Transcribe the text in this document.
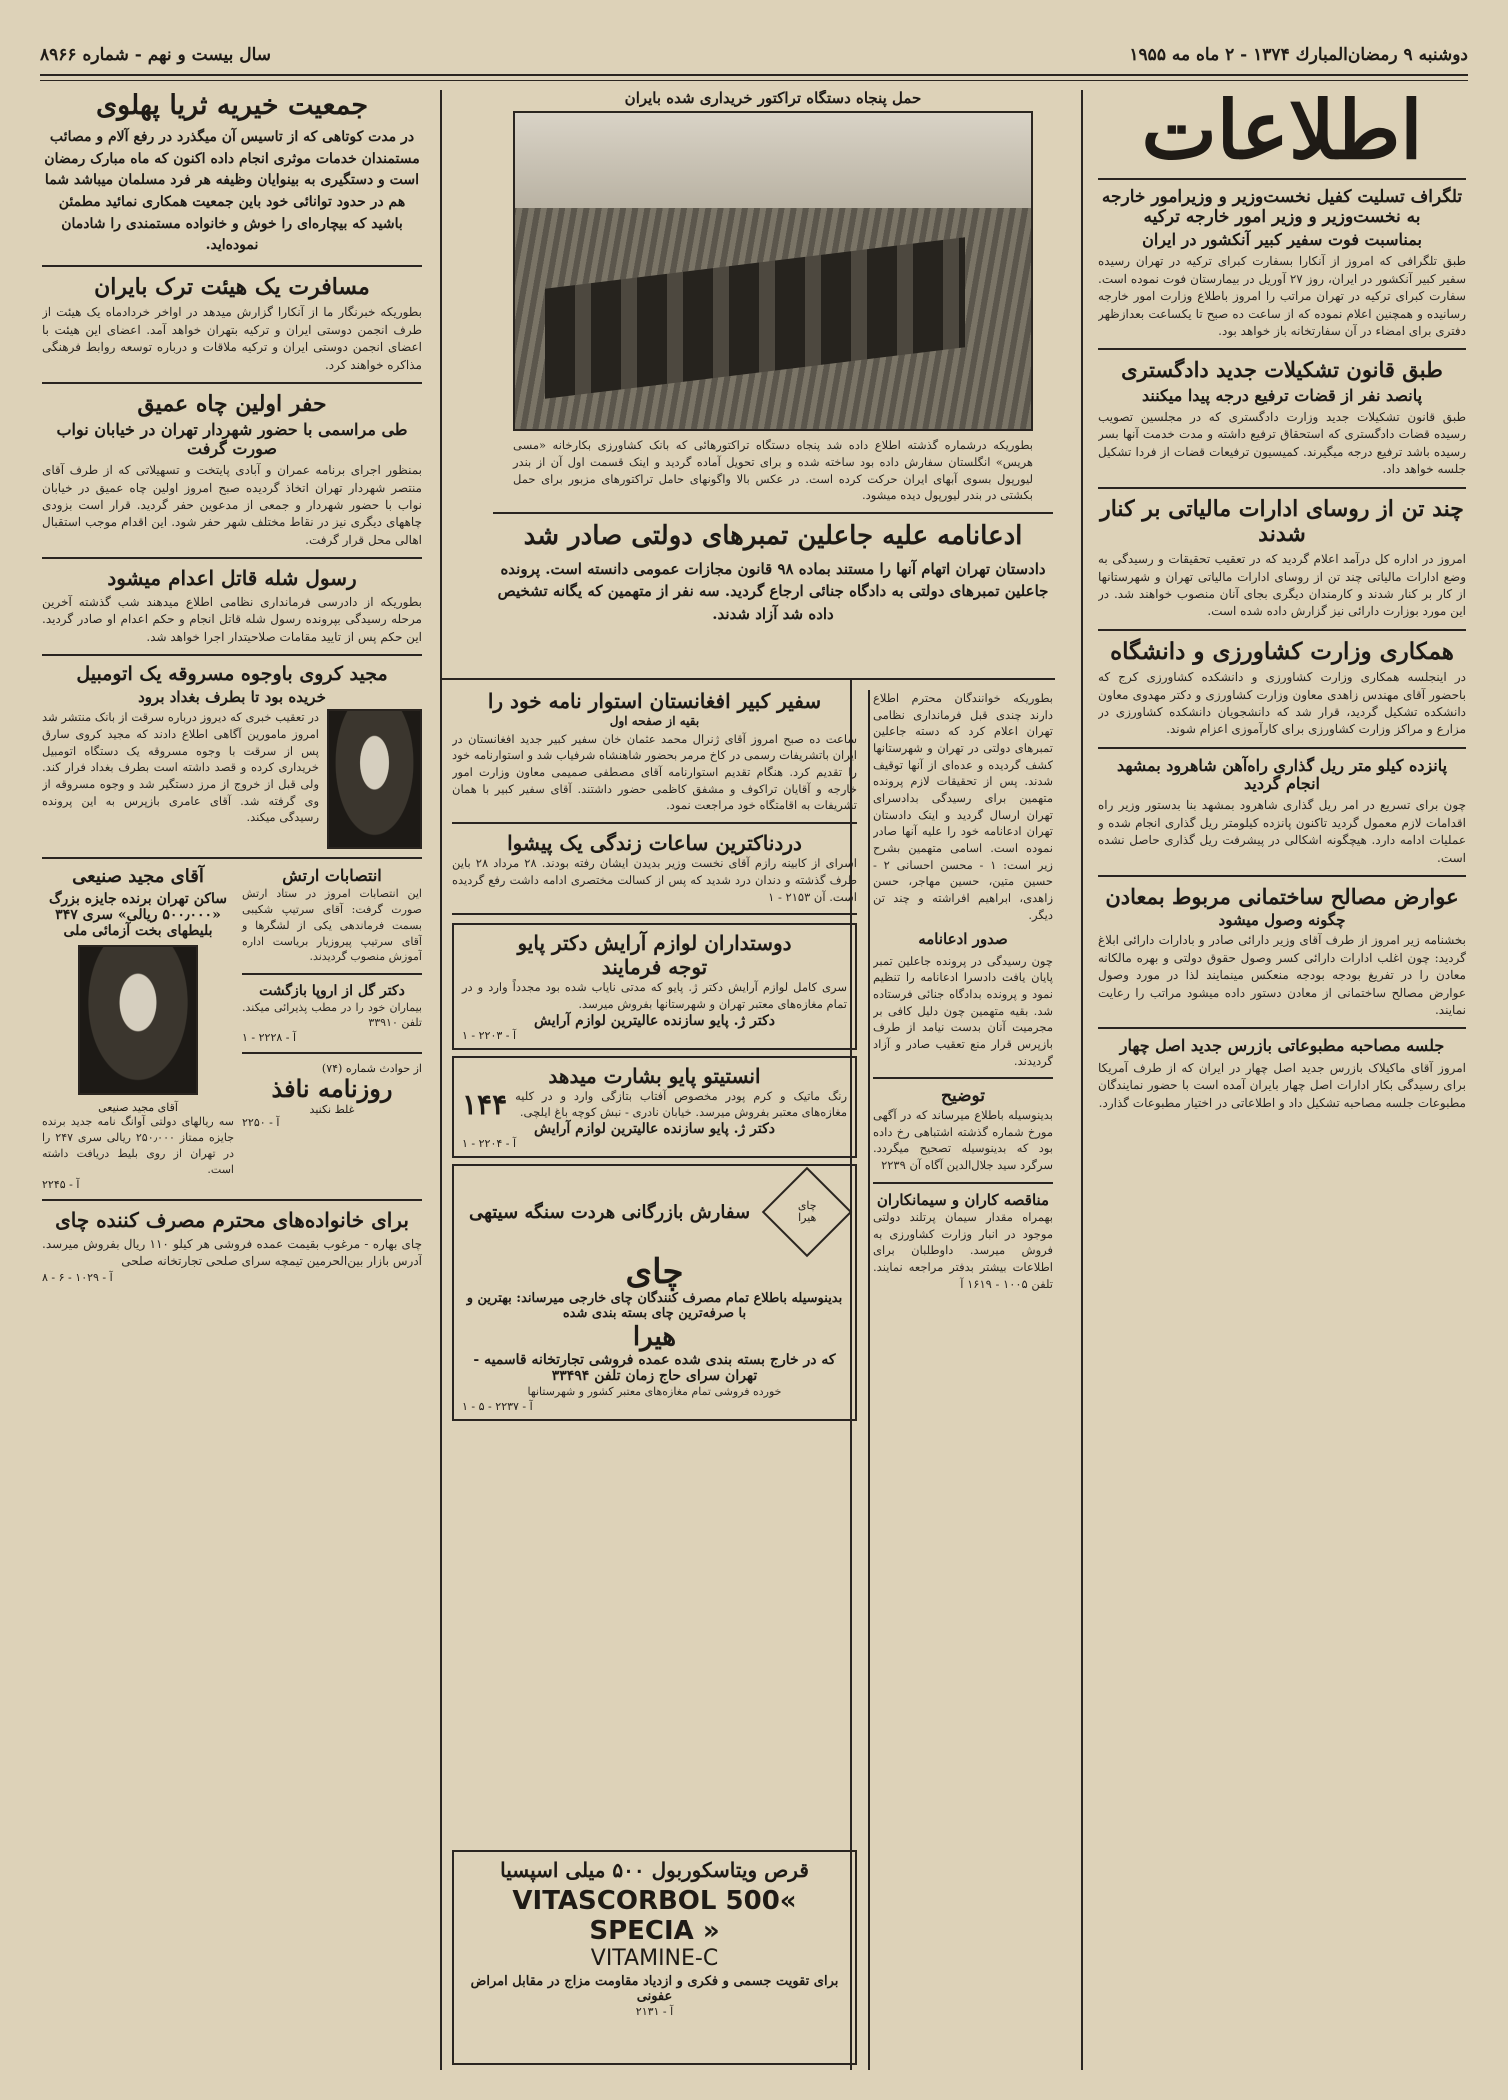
دوشنبه ۹ رمضان‌المبارك ۱۳۷۴ - ۲ ماه مه ۱۹۵۵
سال بیست و نهم - شماره ۸۹۶۶
اطلاعات
تلگراف تسلیت کفیل نخست‌وزیر و وزیرامور خارجه به نخست‌وزیر و وزیر امور خارجه ترکیه
بمناسبت فوت سفیر کبیر آنکشور در ایران
طبق تلگرافی که امروز از آنکارا بسفارت کبرای ترکیه در تهران رسیده سفیر کبیر آنکشور در ایران، روز ۲۷ آوریل در بیمارستان فوت نموده است. سفارت کبرای ترکیه در تهران مراتب را امروز باطلاع وزارت امور خارجه رسانیده و همچنین اعلام نموده که از ساعت ده صبح تا یکساعت بعدازظهر دفتری برای امضاء در آن سفارتخانه باز خواهد بود.
طبق قانون تشکیلات جدید دادگستری
پانصد نفر از قضات ترفیع درجه پیدا میکنند
طبق قانون تشکیلات جدید وزارت دادگستری که در مجلسین تصویب رسیده قضات دادگستری که استحقاق ترفیع داشته و مدت خدمت آنها بسر رسیده باشد ترفیع درجه میگیرند. کمیسیون ترفیعات قضات از فردا تشکیل جلسه خواهد داد.
چند تن از روسای ادارات مالیاتی بر کنار شدند
امروز در اداره کل درآمد اعلام گردید که در تعقیب تحقیقات و رسیدگی به وضع ادارات مالیاتی چند تن از روسای ادارات مالیاتی تهران و شهرستانها از کار بر کنار شدند و کارمندان دیگری بجای آنان منصوب خواهند شد. در این مورد بوزارت دارائی نیز گزارش داده شده است.
همکاری وزارت کشاورزی و دانشگاه
در اینجلسه همکاری وزارت کشاورزی و دانشکده کشاورزی کرج که باحضور آقای مهندس زاهدی معاون وزارت کشاورزی و دکتر مهدوی معاون دانشکده تشکیل گردید، قرار شد که دانشجویان دانشکده کشاورزی در مزارع و مراکز وزارت کشاورزی برای کارآموزی اعزام شوند.
پانزده کیلو متر ریل گذاری راه‌آهن شاهرود بمشهد انجام گردید
چون برای تسریع در امر ریل گذاری شاهرود بمشهد بنا بدستور وزیر راه اقدامات لازم معمول گردید تاکنون پانزده کیلومتر ریل گذاری انجام شده و عملیات ادامه دارد. هیچگونه اشکالی در پیشرفت ریل گذاری حاصل نشده است.
عوارض مصالح ساختمانی مربوط بمعادن
چگونه وصول میشود
بخشنامه زیر امروز از طرف آقای وزیر دارائی صادر و بادارات دارائی ابلاغ گردید: چون اغلب ادارات دارائی کسر وصول حقوق دولتی و بهره مالکانه معادن را در تفریغ بودجه بودجه منعکس مینمایند لذا در مورد وصول عوارض مصالح ساختمانی از معادن دستور داده میشود مراتب را رعایت نمایند.
جلسه مصاحبه مطبوعاتی بازرس جدید اصل چهار
امروز آقای ماکیلاک بازرس جدید اصل چهار در ایران که از طرف آمریکا برای رسیدگی بکار ادارات اصل چهار بایران آمده است با حضور نمایندگان مطبوعات جلسه مصاحبه تشکیل داد و اطلاعاتی در اختیار مطبوعات گذارد.
حمل پنجاه دستگاه تراکتور خریداری شده بایران
بطوریکه درشماره گذشته اطلاع داده شد پنجاه دستگاه تراکتورهائی که بانک کشاورزی بکارخانه «مسی هریس» انگلستان سفارش داده بود ساخته شده و برای تحویل آماده گردید و اینک قسمت اول آن از بندر لیورپول بسوی آبهای ایران حرکت کرده است. در عکس بالا واگونهای حامل تراکتورهای مزبور برای حمل بکشتی در بندر لیورپول دیده میشود.
ادعانامه علیه جاعلین تمبرهای دولتی صادر شد
دادستان تهران اتهام آنها را مستند بماده ۹۸ قانون مجازات عمومی دانسته است. پرونده جاعلین تمبرهای دولتی به دادگاه جنائی ارجاع گردید. سه نفر از متهمین که یگانه تشخیص داده شد آزاد شدند.
بطوریکه خوانندگان محترم اطلاع دارند چندی قبل فرمانداری نظامی تهران اعلام کرد که دسته جاعلین تمبرهای دولتی در تهران و شهرستانها کشف گردیده و عده‌ای از آنها توقیف شدند. پس از تحقیقات لازم پرونده متهمین برای رسیدگی بدادسرای تهران ارسال گردید و اینک دادستان تهران ادعانامه خود را علیه آنها صادر نموده است. اسامی متهمین بشرح زیر است: ۱ - محسن احسانی ۲ - حسین متین، حسین مهاجر، حسن زاهدی، ابراهیم افراشته و چند تن دیگر.
صدور ادعانامه
چون رسیدگی در پرونده جاعلین تمبر پایان یافت دادسرا ادعانامه را تنظیم نمود و پرونده بدادگاه جنائی فرستاده شد. بقیه متهمین چون دلیل کافی بر مجرمیت آنان بدست نیامد از طرف بازپرس قرار منع تعقیب صادر و آزاد گردیدند.
توضیح
بدینوسیله باطلاع میرساند که در آگهی مورخ شماره گذشته اشتباهی رخ داده بود که بدینوسیله تصحیح میگردد. سرگرد سید جلال‌الدین آگاه آن ۲۲۳۹
مناقصه کاران و سیمانکاران
بهمراه مقدار سیمان پرتلند دولتی موجود در انبار وزارت کشاورزی به فروش میرسد. داوطلبان برای اطلاعات بیشتر بدفتر مراجعه نمایند. تلفن ۱۰۰۵ - ۱۶۱۹ آ
سفیر کبیر افغانستان استوار نامه خود را
بقیه از صفحه اول
ساعت ده صبح امروز آقای ژنرال محمد عثمان خان سفیر کبیر جدید افغانستان در ایران باتشریفات رسمی در کاخ مرمر بحضور شاهنشاه شرفیاب شد و استوارنامه خود را تقدیم کرد. هنگام تقدیم استوارنامه آقای مصطفی صمیمی معاون وزارت امور خارجه و آقایان تراکوف و مشفق کاظمی حضور داشتند. آقای سفیر کبیر با همان تشریفات به اقامتگاه خود مراجعت نمود.
دردناکترین ساعات زندگی یک پیشوا
اسرای از کابینه رازم آقای نخست وزیر بدیدن ایشان رفته بودند. ۲۸ مرداد ۲۸ باین طرف گذشته و دندان درد شدید که پس از کسالت مختصری ادامه داشت رفع گردیده است. آن ۲۱۵۳ - ۱
دوستداران لوازم آرایش دکتر پایو
توجه فرمایند
سری کامل لوازم آرایش دکتر ژ. پایو که مدتی نایاب شده بود مجدداً وارد و در تمام مغازه‌های معتبر تهران و شهرستانها بفروش میرسد.
دکتر ژ. پایو سازنده عالیترین لوازم آرایش
آ - ۲۲۰۳ - ۱
انستیتو پایو بشارت میدهد
رنگ ماتیک و کرم پودر مخصوص آفتاب بتازگی وارد و در کلیه مغازه‌های معتبر بفروش میرسد. خیابان نادری - نبش کوچه باغ ایلچی.
۱۴۴
دکتر ژ. پایو سازنده عالیترین لوازم آرایش
آ - ۲۲۰۴ - ۱
چای
هیرا
سفارش بازرگانی هردت سنگه سیتهی
چای
بدینوسیله باطلاع تمام مصرف کنندگان چای خارجی میرساند: بهترین و با صرفه‌ترین چای بسته بندی شده
هیرا
که در خارج بسته بندی شده عمده فروشی تجارتخانه قاسمیه - تهران سرای حاج زمان تلفن ۳۳۴۹۴
خورده فروشی تمام مغازه‌های معتبر کشور و شهرستانها
آ - ۲۲۳۷ - ۵ - ۱
قرص ویتاسکوربول ۵۰۰ میلی اسپسیا
VITASCORBOL 500« SPECIA »
VITAMINE-C
برای تقویت جسمی و فکری و ازدیاد مقاومت مزاج در مقابل امراض عفونی
آ - ۲۱۳۱
جمعیت خیریه ثریا پهلوی
در مدت کوتاهی که از تاسیس آن میگذرد در رفع آلام و مصائب مستمندان خدمات موثری انجام داده اکنون که ماه مبارک رمضان است و دستگیری به بینوایان وظیفه هر فرد مسلمان میباشد شما هم در حدود توانائی خود باین جمعیت همکاری نمائید مطمئن باشید که بیچاره‌ای را خوش و خانواده مستمندی را شادمان نموده‌اید.
مسافرت یک هیئت ترک بایران
بطوریکه خبرنگار ما از آنکارا گزارش میدهد در اواخر خردادماه یک هیئت از طرف انجمن دوستی ایران و ترکیه بتهران خواهد آمد. اعضای این هیئت با اعضای انجمن دوستی ایران و ترکیه ملاقات و درباره توسعه روابط فرهنگی مذاکره خواهند کرد.
حفر اولین چاه عمیق
طی مراسمی با حضور شهردار تهران در خیابان نواب صورت گرفت
بمنظور اجرای برنامه عمران و آبادی پایتخت و تسهیلاتی که از طرف آقای منتصر شهردار تهران اتخاذ گردیده صبح امروز اولین چاه عمیق در خیابان نواب با حضور شهردار و جمعی از مدعوین حفر گردید. قرار است بزودی چاههای دیگری نیز در نقاط مختلف شهر حفر شود. این اقدام موجب استقبال اهالی محل قرار گرفت.
رسول شله قاتل اعدام میشود
بطوریکه از دادرسی فرمانداری نظامی اطلاع میدهند شب گذشته آخرین مرحله رسیدگی بپرونده رسول شله قاتل انجام و حکم اعدام او صادر گردید. این حکم پس از تایید مقامات صلاحیتدار اجرا خواهد شد.
مجید کروی باوجوه مسروقه یک اتومبیل
خریده بود تا بطرف بغداد برود
در تعقیب خبری که دیروز درباره سرقت از بانک منتشر شد امروز مامورین آگاهی اطلاع دادند که مجید کروی سارق پس از سرقت با وجوه مسروقه یک دستگاه اتومبیل خریداری کرده و قصد داشته است بطرف بغداد فرار کند. ولی قبل از خروج از مرز دستگیر شد و وجوه مسروقه از وی گرفته شد. آقای عامری بازپرس به این پرونده رسیدگی میکند.
انتصابات ارتش
این انتصابات امروز در ستاد ارتش صورت گرفت: آقای سرتیپ شکیبی بسمت فرماندهی یکی از لشگرها و آقای سرتیپ پیروزیار بریاست اداره آموزش منصوب گردیدند.
دکتر گل از اروپا بازگشت
بیماران خود را در مطب پذیرائی میکند. تلفن ۳۳۹۱۰
آ - ۲۲۲۸ - ۱
از حوادث شماره (۷۴)
روزنامه نافذ
غلط نکنید
آ - ۲۲۵۰
آقای مجید صنیعی
ساکن تهران برنده جایزه بزرگ «۵۰۰٫۰۰۰ ریالی» سری ۳۴۷ بلیطهای بخت آزمائی ملی
آقای مجید صنیعی
سه ریالهای دولتی آوانگ نامه جدید برنده جایزه ممتاز ۲۵۰٫۰۰۰ ریالی سری ۲۴۷ را در تهران از روی بلیط دریافت داشته است.
آ - ۲۲۴۵
برای خانواده‌های محترم مصرف کننده چای
چای بهاره - مرغوب بقیمت عمده فروشی هر کیلو ۱۱۰ ریال بفروش میرسد. آدرس بازار بین‌الحرمین تیمچه سرای صلحی تجارتخانه صلحی
آ - ۱۰۲۹ - ۶ - ۸
